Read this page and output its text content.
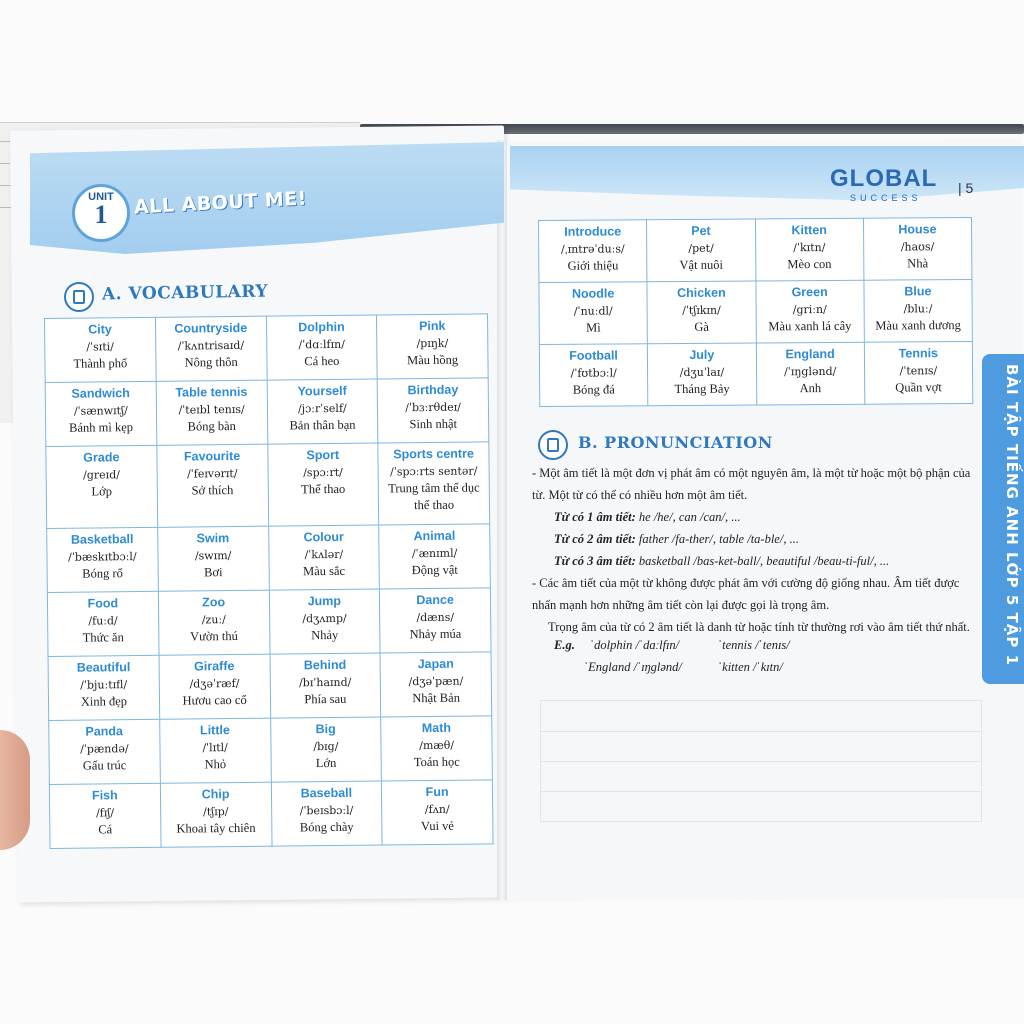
UNIT
1	ALL ABOUT ME!
A. VOCABULARY
City
/ˈsɪti/
Thành phố	Countryside
/ˈkʌntrisaɪd/
Nông thôn	Dolphin
/ˈdɑːlfɪn/
Cá heo	Pink
/pɪŋk/
Màu hồng

Sandwich
/ˈsænwɪtʃ/
Bánh mì kẹp	Table tennis
/ˈteɪbl tenɪs/
Bóng bàn	Yourself
/jɔːrˈself/
Bản thân bạn	Birthday
/ˈbɜːrθdeɪ/
Sinh nhật

Grade
/greɪd/
Lớp	Favourite
/ˈfeɪvərɪt/
Sở thích	Sport
/spɔːrt/
Thể thao	Sports centre
/ˈspɔːrts sentər/
Trung tâm thể dục thể thao

Basketball
/ˈbæskɪtbɔːl/
Bóng rổ	Swim
/swɪm/
Bơi	Colour
/ˈkʌlər/
Màu sắc	Animal
/ˈænɪml/
Động vật

Food
/fuːd/
Thức ăn	Zoo
/zuː/
Vườn thú	Jump
/dʒʌmp/
Nhảy	Dance
/dæns/
Nhảy múa

Beautiful
/ˈbjuːtɪfl/
Xinh đẹp	Giraffe
/dʒəˈræf/
Hươu cao cổ	Behind
/bɪˈhaɪnd/
Phía sau	Japan
/dʒəˈpæn/
Nhật Bản

Panda
/ˈpændə/
Gấu trúc	Little
/ˈlɪtl/
Nhỏ	Big
/bɪg/
Lớn	Math
/mæθ/
Toán học

Fish
/fɪʃ/
Cá	Chip
/tʃɪp/
Khoai tây chiên	Baseball
/ˈbeɪsbɔːl/
Bóng chày	Fun
/fʌn/
Vui vẻ
GLOBAL
SUCCESS
| 5
Introduce
/ˌɪntrəˈduːs/
Giới thiệu	Pet
/pet/
Vật nuôi	Kitten
/ˈkɪtn/
Mèo con	House
/haʊs/
Nhà

Noodle
/ˈnuːdl/
Mì	Chicken
/ˈtʃɪkɪn/
Gà	Green
/griːn/
Màu xanh lá cây	Blue
/bluː/
Màu xanh dương

Football
/ˈfʊtbɔːl/
Bóng đá	July
/dʒuˈlaɪ/
Tháng Bảy	England
/ˈɪŋglənd/
Anh	Tennis
/ˈtenɪs/
Quần vợt	BÀI TẬP TIẾNG ANH LỚP 5 TẬP 1
B. PRONUNCIATION

- Một âm tiết là một đơn vị phát âm có một nguyên âm, là một từ hoặc một bộ phận của từ. Một từ có thể có nhiều hơn một âm tiết.

Từ có 1 âm tiết: he /he/, can /can/, ...

Từ có 2 âm tiết: father /fa-ther/, table /ta-ble/, ...

Từ có 3 âm tiết: basketball /bas-ket-ball/, beautiful /beau-ti-ful/, ...

- Các âm tiết của một từ không được phát âm với cường độ giống nhau. Âm tiết được nhấn mạnh hơn những âm tiết còn lại được gọi là trọng âm.

Trọng âm của từ có 2 âm tiết là danh từ hoặc tính từ thường rơi vào âm tiết thứ nhất.

E.g. ˈdolphin /ˈdɑːlfɪn/	ˈtennis /ˈtenɪs/
ˈEngland /ˈɪŋglənd/	ˈkitten /ˈkɪtn/
